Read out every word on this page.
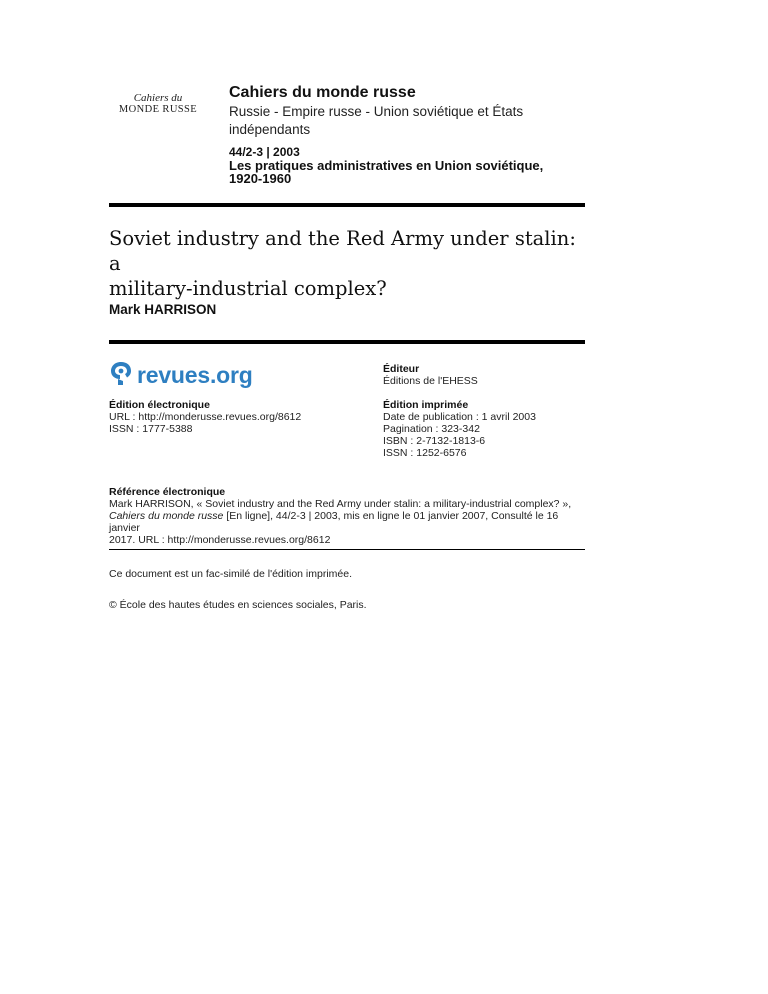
Cahiers du
MONDE RUSSE
Cahiers du monde russe
Russie - Empire russe - Union soviétique et États
indépendants
44/2-3 | 2003
Les pratiques administratives en Union soviétique,
1920-1960
Soviet industry and the Red Army under stalin: a
military-industrial complex?
Mark HARRISON
revues.org	Éditeur
Éditions de l'EHESS
Édition électronique
URL : http://monderusse.revues.org/8612
ISSN : 1777-5388
Édition imprimée
Date de publication : 1 avril 2003
Pagination : 323-342
ISBN : 2-7132-1813-6
ISSN : 1252-6576
Référence électronique
Mark HARRISON, « Soviet industry and the Red Army under stalin: a military-industrial complex? »,
Cahiers du monde russe [En ligne], 44/2-3 | 2003, mis en ligne le 01 janvier 2007, Consulté le 16 janvier
2017. URL : http://monderusse.revues.org/8612
Ce document est un fac-similé de l'édition imprimée.
© École des hautes études en sciences sociales, Paris.
